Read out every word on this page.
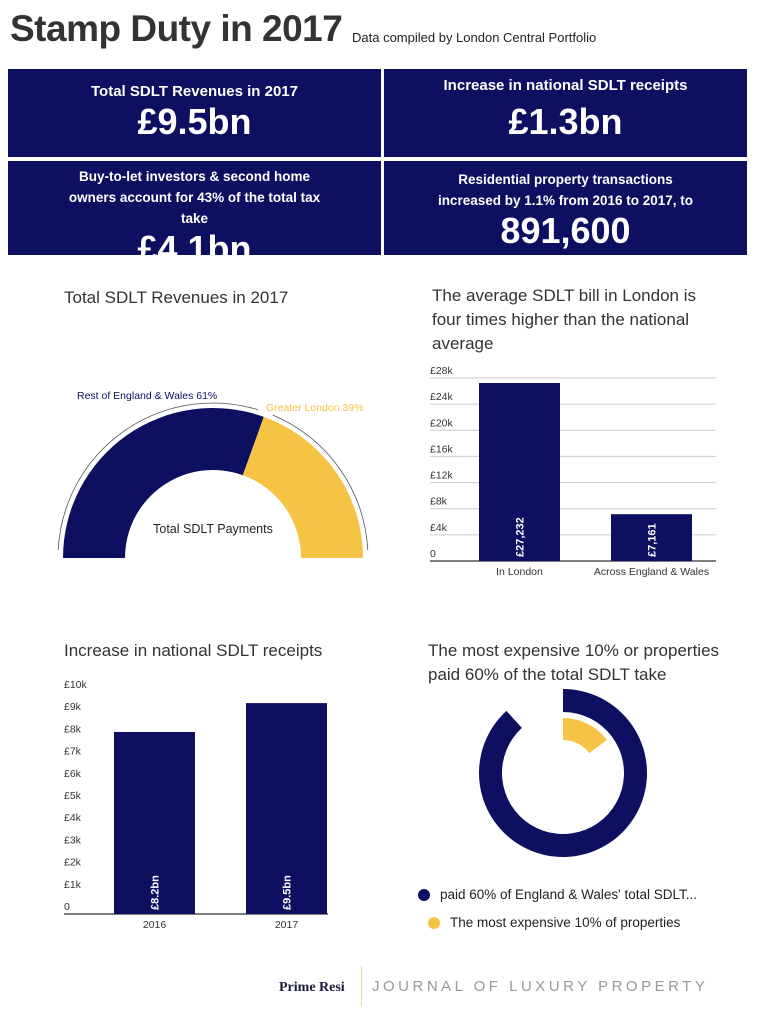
Stamp Duty in 2017 Data compiled by London Central Portfolio
Total SDLT Revenues in 2017
£9.5bn
Increase in national SDLT receipts
£1.3bn
Buy-to-let investors & second home owners account for 43% of the total tax take
£4.1bn
Residential property transactions increased by 1.1% from 2016 to 2017, to
891,600
Total SDLT Revenues in 2017	The average SDLT bill in London is four times higher than the national average
Increase in national SDLT receipts	The most expensive 10% or properties paid 60% of the total SDLT take
Rest of England & Wales 61%
Greater London 39%
Total SDLT Payments
0
£4k
£8k
£12k
£16k
£20k
£24k
£28k
In London
£27,232
Across England & Wales
£7,161
0
£1k
£2k
£3k
£4k
£5k
£6k
£7k
£8k
£9k
£10k
2016
£8.2bn
2017
£9.5bn	paid 60% of England & Wales' total SDLT...
The most expensive 10% of properties
Prime Resi JOURNAL OF LUXURY PROPERTY
